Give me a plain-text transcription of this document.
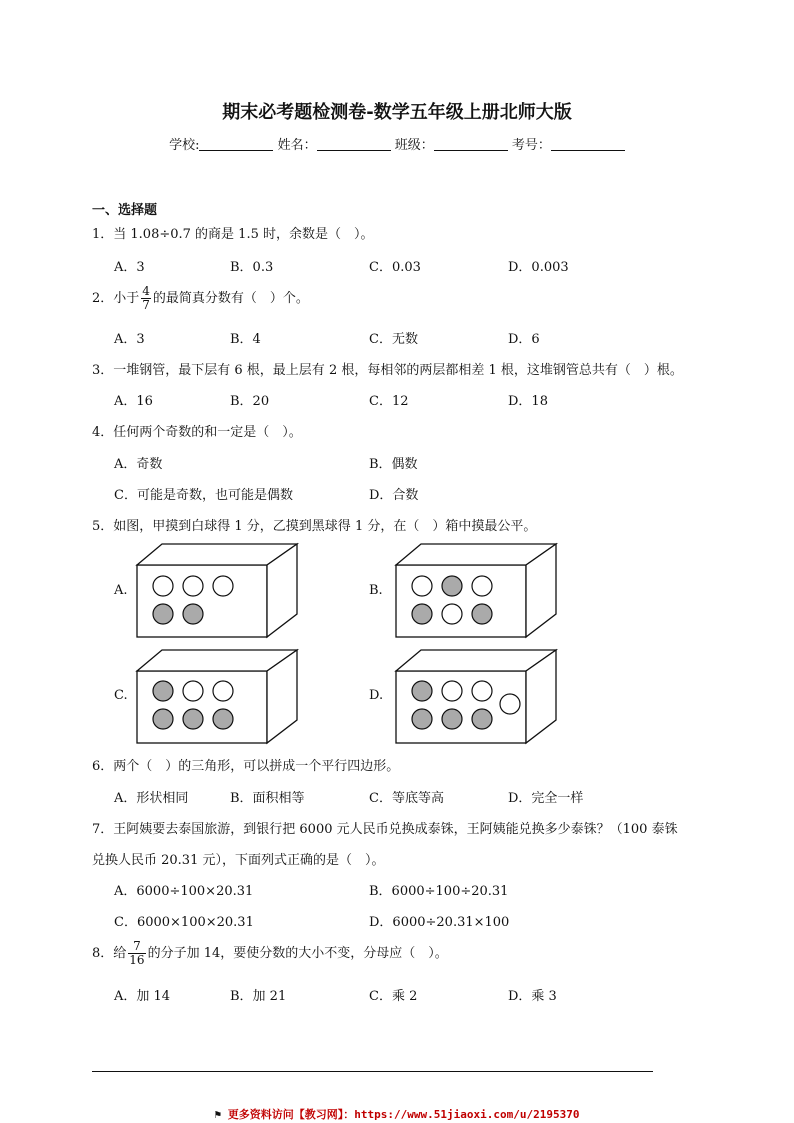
期末必考题检测卷-数学五年级上册北师大版
学校:	姓名：	班级：	考号：
一、选择题
1．当 1.08÷0.7 的商是 1.5 时，余数是（　）。
A．3	B．0.3	C．0.03	D．0.003
2．小于 $\frac{4}{7}$ 的最简真分数有（　）个。
A．3	B．4	C．无数	D．6
3．一堆钢管，最下层有 6 根，最上层有 2 根，每相邻的两层都相差 1 根，这堆钢管总共有（　）根。
A．16	B．20	C．12	D．18
4．任何两个奇数的和一定是（　）。
A．奇数	B．偶数
C．可能是奇数，也可能是偶数	D．合数
5．如图，甲摸到白球得 1 分，乙摸到黑球得 1 分，在（　）箱中摸最公平。
A.	B.
C.	D.
6．两个（　）的三角形，可以拼成一个平行四边形。
A．形状相同	B．面积相等	C．等底等高	D．完全一样
7．王阿姨要去泰国旅游，到银行把 6000 元人民币兑换成泰铢，王阿姨能兑换多少泰铢？（100 泰铢
兑换人民币 20.31 元），下面列式正确的是（　）。
A．6000÷100×20.31	B．6000÷100÷20.31
C．6000×100×20.31	D．6000÷20.31×100
8．给 $\frac{7}{16}$ 的分子加 14，要使分数的大小不变，分母应（　）。
A．加 14	B．加 21	C．乘 2	D．乘 3
⚑ 更多资料访问【教习网】：https://www.51jiaoxi.com/u/2195370
